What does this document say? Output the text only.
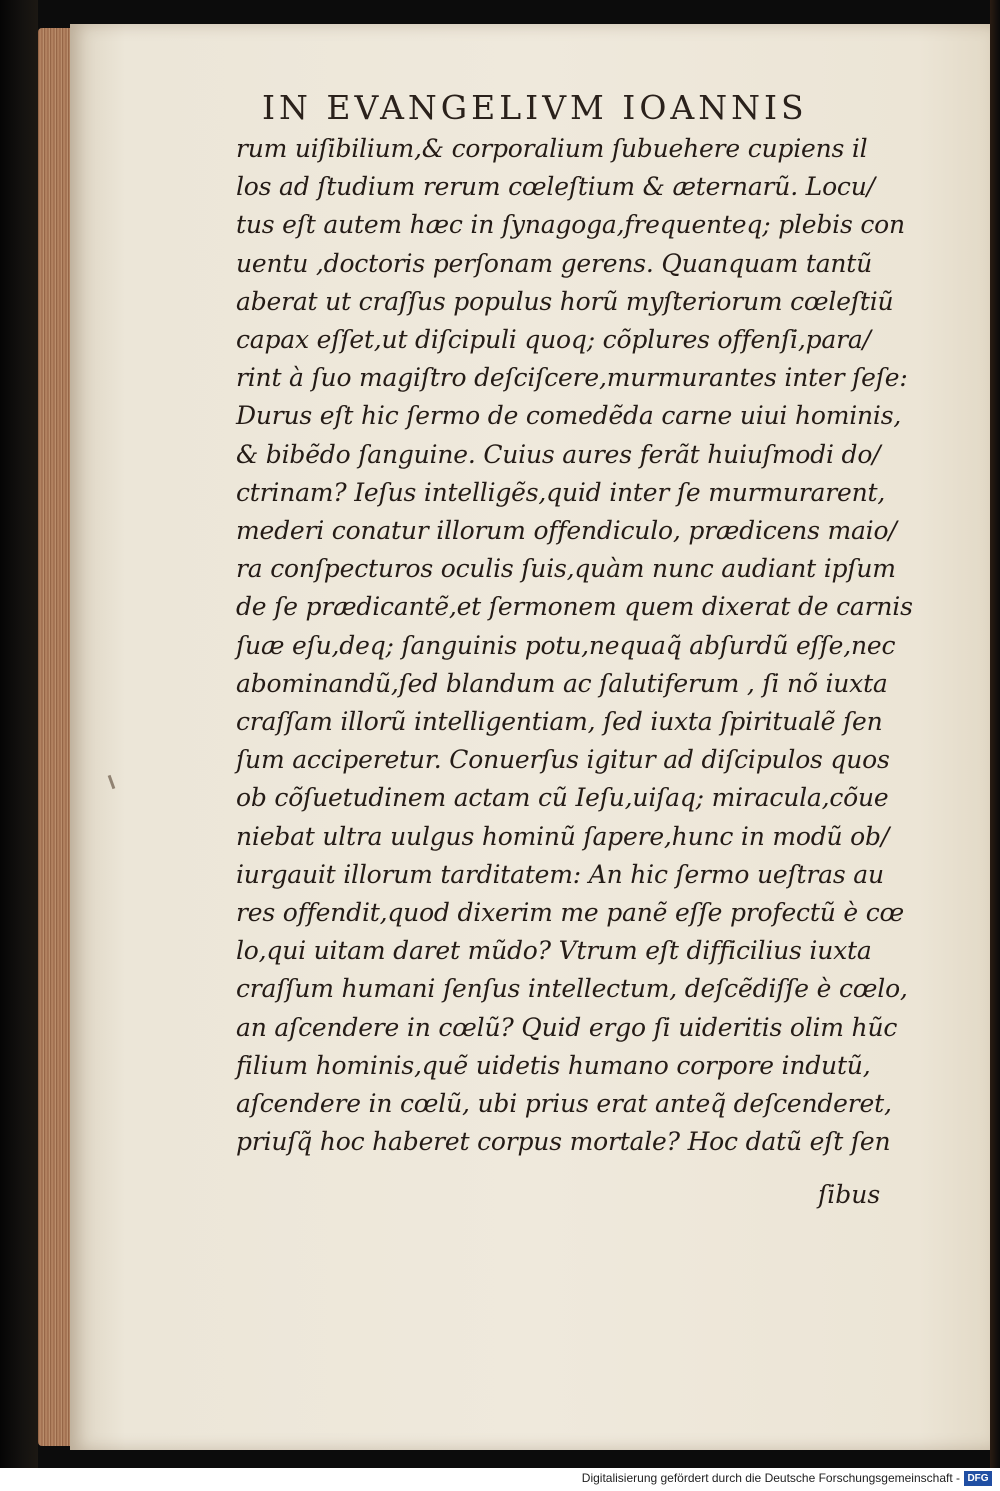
IN EVANGELIVM IOANNIS
rum uiſibilium,& corporalium ſubuehere cupiens il
los ad ſtudium rerum cœleſtium & æternarũ. Locu/
tus eſt autem hæc in ſynagoga,frequenteq; plebis con
uentu ,doctoris perſonam gerens. Quanquam tantũ
aberat ut craſſus populus horũ myſteriorum cœleſtiũ
capax eſſet,ut diſcipuli quoq; cõplures offenſi,para/
rint à ſuo magiſtro deſciſcere,murmurantes inter ſeſe:
Durus eſt hic ſermo de comedẽda carne uiui hominis,
& bibẽdo ſanguine. Cuius aures ferãt huiuſmodi do/
ctrinam? Ieſus intelligẽs,quid inter ſe murmurarent,
mederi conatur illorum offendiculo, prædicens maio/
ra conſpecturos oculis ſuis,quàm nunc audiant ipſum
de ſe prædicantẽ,et ſermonem quem dixerat de carnis
ſuæ eſu,deq; ſanguinis potu,nequaq̃ abſurdũ eſſe,nec
abominandũ,ſed blandum ac ſalutiferum , ſi nõ iuxta
craſſam illorũ intelligentiam, ſed iuxta ſpiritualẽ ſen
ſum acciperetur. Conuerſus igitur ad diſcipulos quos
ob cõſuetudinem actam cũ Ieſu,uiſaq; miracula,cõue
niebat ultra uulgus hominũ ſapere,hunc in modũ ob/
iurgauit illorum tarditatem: An hic ſermo ueſtras au
res offendit,quod dixerim me panẽ eſſe profectũ è cœ
lo,qui uitam daret mũdo? Vtrum eſt difficilius iuxta
craſſum humani ſenſus intellectum, deſcẽdiſſe è cœlo,
an aſcendere in cœlũ? Quid ergo ſi uideritis olim hũc
filium hominis,quẽ uidetis humano corpore indutũ,
aſcendere in cœlũ, ubi prius erat anteq̃ deſcenderet,
priuſq̃ hoc haberet corpus mortale? Hoc datũ eſt ſen
ſibus
Digitalisierung gefördert durch die Deutsche Forschungsgemeinschaft - DFG
